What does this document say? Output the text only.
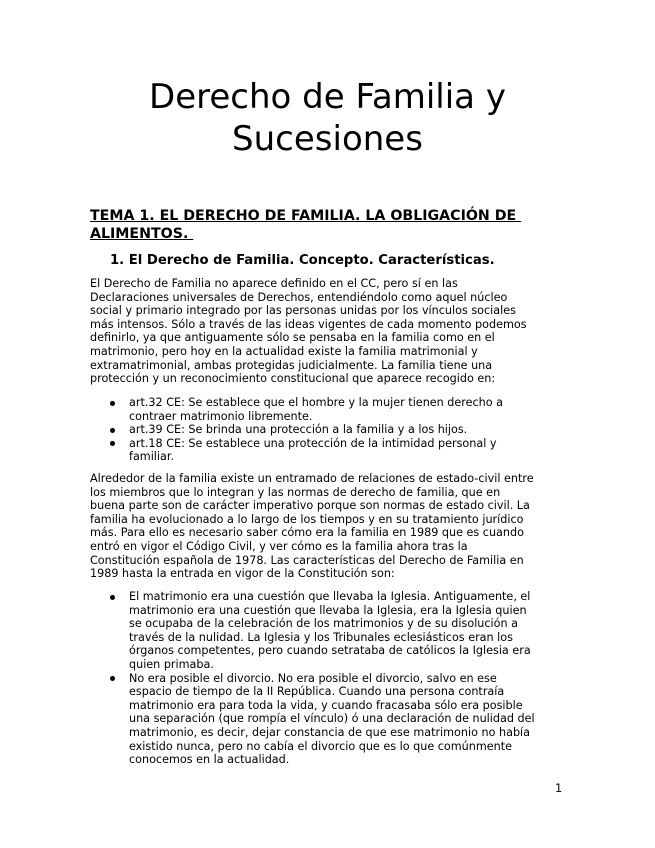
Derecho de Familia y
Sucesiones
TEMA 1. EL DERECHO DE FAMILIA. LA OBLIGACIÓN DE
ALIMENTOS.
1. El Derecho de Familia. Concepto. Características.
El Derecho de Familia no aparece definido en el CC, pero sí en las
Declaraciones universales de Derechos, entendiéndolo como aquel núcleo
social y primario integrado por las personas unidas por los vínculos sociales
más intensos. Sólo a través de las ideas vigentes de cada momento podemos
definirlo, ya que antiguamente sólo se pensaba en la familia como en el
matrimonio, pero hoy en la actualidad existe la familia matrimonial y
extramatrimonial, ambas protegidas judicialmente. La familia tiene una
protección y un reconocimiento constitucional que aparece recogido en:
art.32 CE: Se establece que el hombre y la mujer tienen derecho a
contraer matrimonio libremente.
art.39 CE: Se brinda una protección a la familia y a los hijos.
art.18 CE: Se establece una protección de la intimidad personal y
familiar.
Alrededor de la familia existe un entramado de relaciones de estado-civil entre
los miembros que lo integran y las normas de derecho de familia, que en
buena parte son de carácter imperativo porque son normas de estado civil. La
familia ha evolucionado a lo largo de los tiempos y en su tratamiento jurídico
más. Para ello es necesario saber cómo era la familia en 1989 que es cuando
entró en vigor el Código Civil, y ver cómo es la familia ahora tras la
Constitución española de 1978. Las características del Derecho de Familia en
1989 hasta la entrada en vigor de la Constitución son:
El matrimonio era una cuestión que llevaba la Iglesia. Antiguamente, el
matrimonio era una cuestión que llevaba la Iglesia, era la Iglesia quien
se ocupaba de la celebración de los matrimonios y de su disolución a
través de la nulidad. La Iglesia y los Tribunales eclesiásticos eran los
órganos competentes, pero cuando setrataba de católicos la Iglesia era
quien primaba.
No era posible el divorcio. No era posible el divorcio, salvo en ese
espacio de tiempo de la II República. Cuando una persona contraía
matrimonio era para toda la vida, y cuando fracasaba sólo era posible
una separación (que rompía el vínculo) ó una declaración de nulidad del
matrimonio, es decir, dejar constancia de que ese matrimonio no había
existido nunca, pero no cabía el divorcio que es lo que comúnmente
conocemos en la actualidad.
1
